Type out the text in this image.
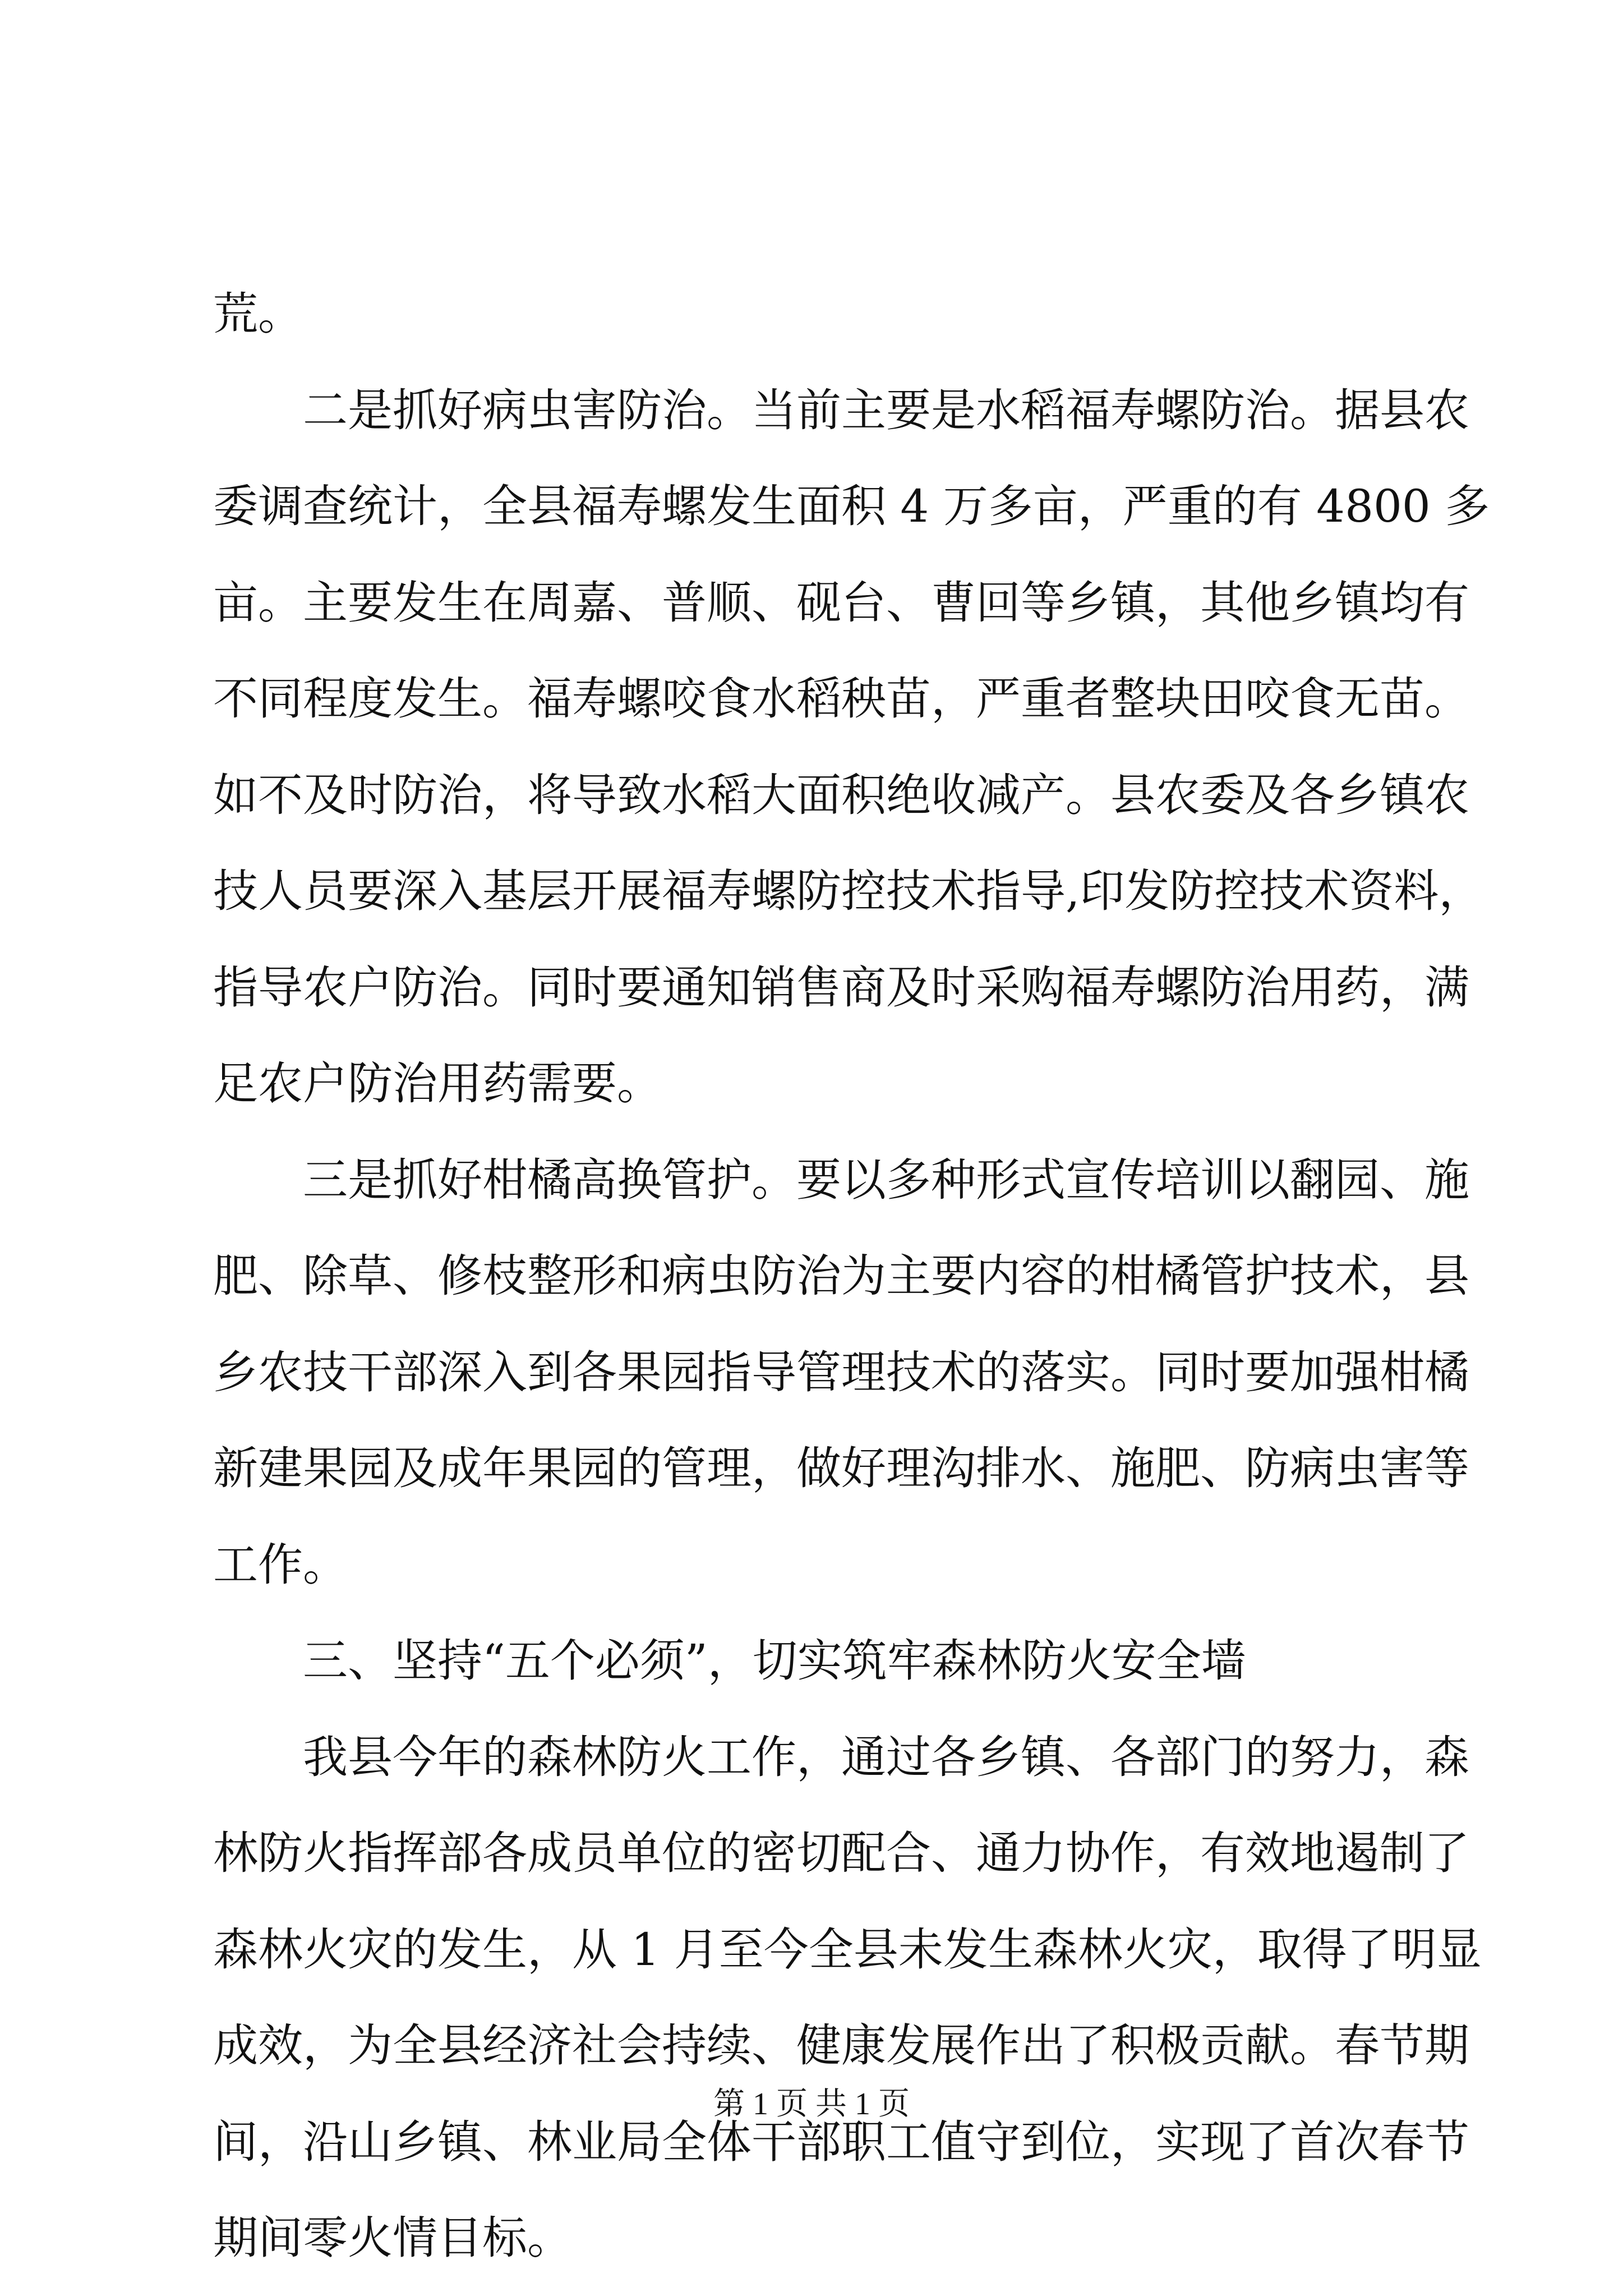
荒。
二是抓好病虫害防治。当前主要是水稻福寿螺防治。据县农
委调查统计，全县福寿螺发生面积 4 万多亩，严重的有 4800 多
亩。主要发生在周嘉、普顺、砚台、曹回等乡镇，其他乡镇均有
不同程度发生。福寿螺咬食水稻秧苗，严重者整块田咬食无苗。
如不及时防治，将导致水稻大面积绝收减产。县农委及各乡镇农
技人员要深入基层开展福寿螺防控技术指导,印发防控技术资料，
指导农户防治。同时要通知销售商及时采购福寿螺防治用药，满
足农户防治用药需要。
三是抓好柑橘高换管护。要以多种形式宣传培训以翻园、施
肥、除草、修枝整形和病虫防治为主要内容的柑橘管护技术，县
乡农技干部深入到各果园指导管理技术的落实。同时要加强柑橘
新建果园及成年果园的管理，做好理沟排水、施肥、防病虫害等
工作。
三、坚持“五个必须”，切实筑牢森林防火安全墙
我县今年的森林防火工作，通过各乡镇、各部门的努力，森
林防火指挥部各成员单位的密切配合、通力协作，有效地遏制了
森林火灾的发生，从 1 月至今全县未发生森林火灾，取得了明显
成效，为全县经济社会持续、健康发展作出了积极贡献。春节期
间，沿山乡镇、林业局全体干部职工值守到位，实现了首次春节
期间零火情目标。
第 1 页 共 1 页
